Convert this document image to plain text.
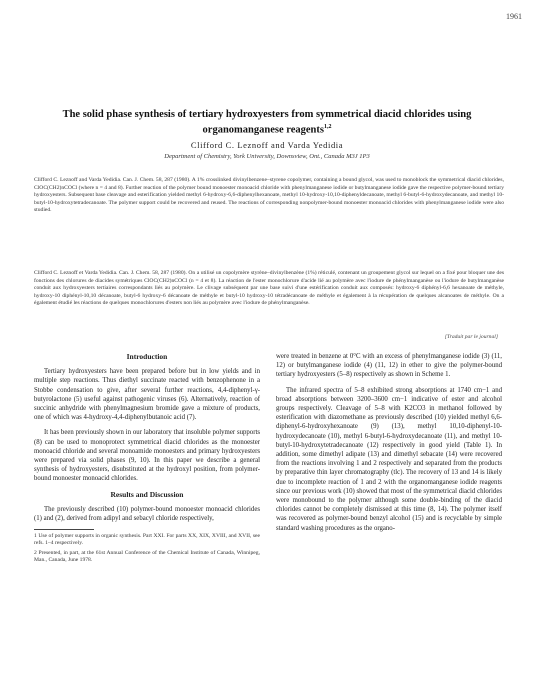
1961
The solid phase synthesis of tertiary hydroxyesters from symmetrical diacid chlorides using organomanganese reagents$^{1,2}$
Clifford C. Leznoff and Varda Yedidia
Department of Chemistry, York University, Downsview, Ont., Canada M3J 1P3
Clifford C. Leznoff and Varda Yedidia. Can. J. Chem. 58, 287 (1980). A 1% crosslinked divinylbenzene–styrene copolymer, containing a bound glycol, was used to monoblock the symmetrical diacid chlorides, ClOC(CH2)nCOCl (where n = 4 and 8). Further reaction of the polymer bound monoester monoacid chloride with phenylmanganese iodide or butylmanganese iodide gave the respective polymer-bound tertiary hydroxyesters. Subsequent base cleavage and esterification yielded methyl 6-hydroxy-6,6-diphenylhexanoate, methyl 10-hydroxy-10,10-diphenyldecanoate, methyl 6-butyl-6-hydroxydecanoate, and methyl 10-butyl-10-hydroxytetradecanoate. The polymer support could be recovered and reused. The reactions of corresponding nonpolymer-bound monoester monoacid chlorides with phenylmanganese iodide were also studied.
Clifford C. Leznoff et Varda Yedidia. Can. J. Chem. 58, 287 (1980). On a utilisé un copolymère styrène–divinylbenzène (1%) réticulé, contenant un groupement glycol sur lequel on a fixé pour bloquer une des fonctions des chlorures de diacides symétriques ClOC(CH2)nCOCl (n = 4 et 8). La réaction de l'ester monochlorure d'acide lié au polymère avec l'iodure de phénylmanganèse ou l'iodure de butylmanganèse conduit aux hydroxyesters tertiaires correspondants liés au polymère. Le clivage subséquent par une base suivi d'une estérification conduit aux composés: hydroxy-6 diphényl-6,6 hexanoate de méthyle, hydroxy-10 diphényl-10,10 décanoate, butyl-6 hydroxy-6 décanoate de méthyle et butyl-10 hydroxy-10 tétradécanoate de méthyle et également à la récupération de quelques alcanoates de méthyle. On a également étudié les réactions de quelques monochlorures d'esters non liés au polymère avec l'iodure de phénylmanganèse.
[Traduit par le journal]

Introduction

Tertiary hydroxyesters have been prepared before but in low yields and in multiple step reactions. Thus diethyl succinate reacted with benzophenone in a Stobbe condensation to give, after several further reactions, 4,4-diphenyl-γ-butyrolactone (5) useful against pathogenic viruses (6). Alternatively, reaction of succinic anhydride with phenylmagnesium bromide gave a mixture of products, one of which was 4-hydroxy-4,4-diphenylbutanoic acid (7).

It has been previously shown in our laboratory that insoluble polymer supports (8) can be used to monoprotect symmetrical diacid chlorides as the monoester monoacid chloride and several monoamide monoesters and primary hydroxyesters were prepared via solid phases (9, 10). In this paper we describe a general synthesis of hydroxyesters, disubstituted at the hydroxyl position, from polymer-bound monoester monoacid chlorides.

Results and Discussion

The previously described (10) polymer-bound monoester monoacid chlorides (1) and (2), derived from adipyl and sebacyl chloride respectively,

1 Use of polymer supports in organic synthesis. Part XXI. For parts XX, XIX, XVIII, and XVII, see refs. 1–4 respectively.

2 Presented, in part, at the 61st Annual Conference of the Chemical Institute of Canada, Winnipeg, Man., Canada, June 1978.

were treated in benzene at 0°C with an excess of phenylmanganese iodide (3) (11, 12) or butylmanganese iodide (4) (11, 12) in ether to give the polymer-bound tertiary hydroxyesters (5–8) respectively as shown in Scheme 1.

The infrared spectra of 5–8 exhibited strong absorptions at 1740 cm−1 and broad absorptions between 3200–3600 cm−1 indicative of ester and alcohol groups respectively. Cleavage of 5–8 with K2CO3 in methanol followed by esterification with diazomethane as previously described (10) yielded methyl 6,6-diphenyl-6-hydroxyhexanoate (9) (13), methyl 10,10-diphenyl-10-hydroxydecanoate (10), methyl 6-butyl-6-hydroxydecanoate (11), and methyl 10-butyl-10-hydroxytetradecanoate (12) respectively in good yield (Table 1). In addition, some dimethyl adipate (13) and dimethyl sebacate (14) were recovered from the reactions involving 1 and 2 respectively and separated from the products by preparative thin layer chromatography (tlc). The recovery of 13 and 14 is likely due to incomplete reaction of 1 and 2 with the organomanganese iodide reagents since our previous work (10) showed that most of the symmetrical diacid chlorides were monobound to the polymer although some double-binding of the diacid chlorides cannot be completely dismissed at this time (8, 14). The polymer itself was recovered as polymer-bound benzyl alcohol (15) and is recyclable by simple standard washing procedures as the organo-
